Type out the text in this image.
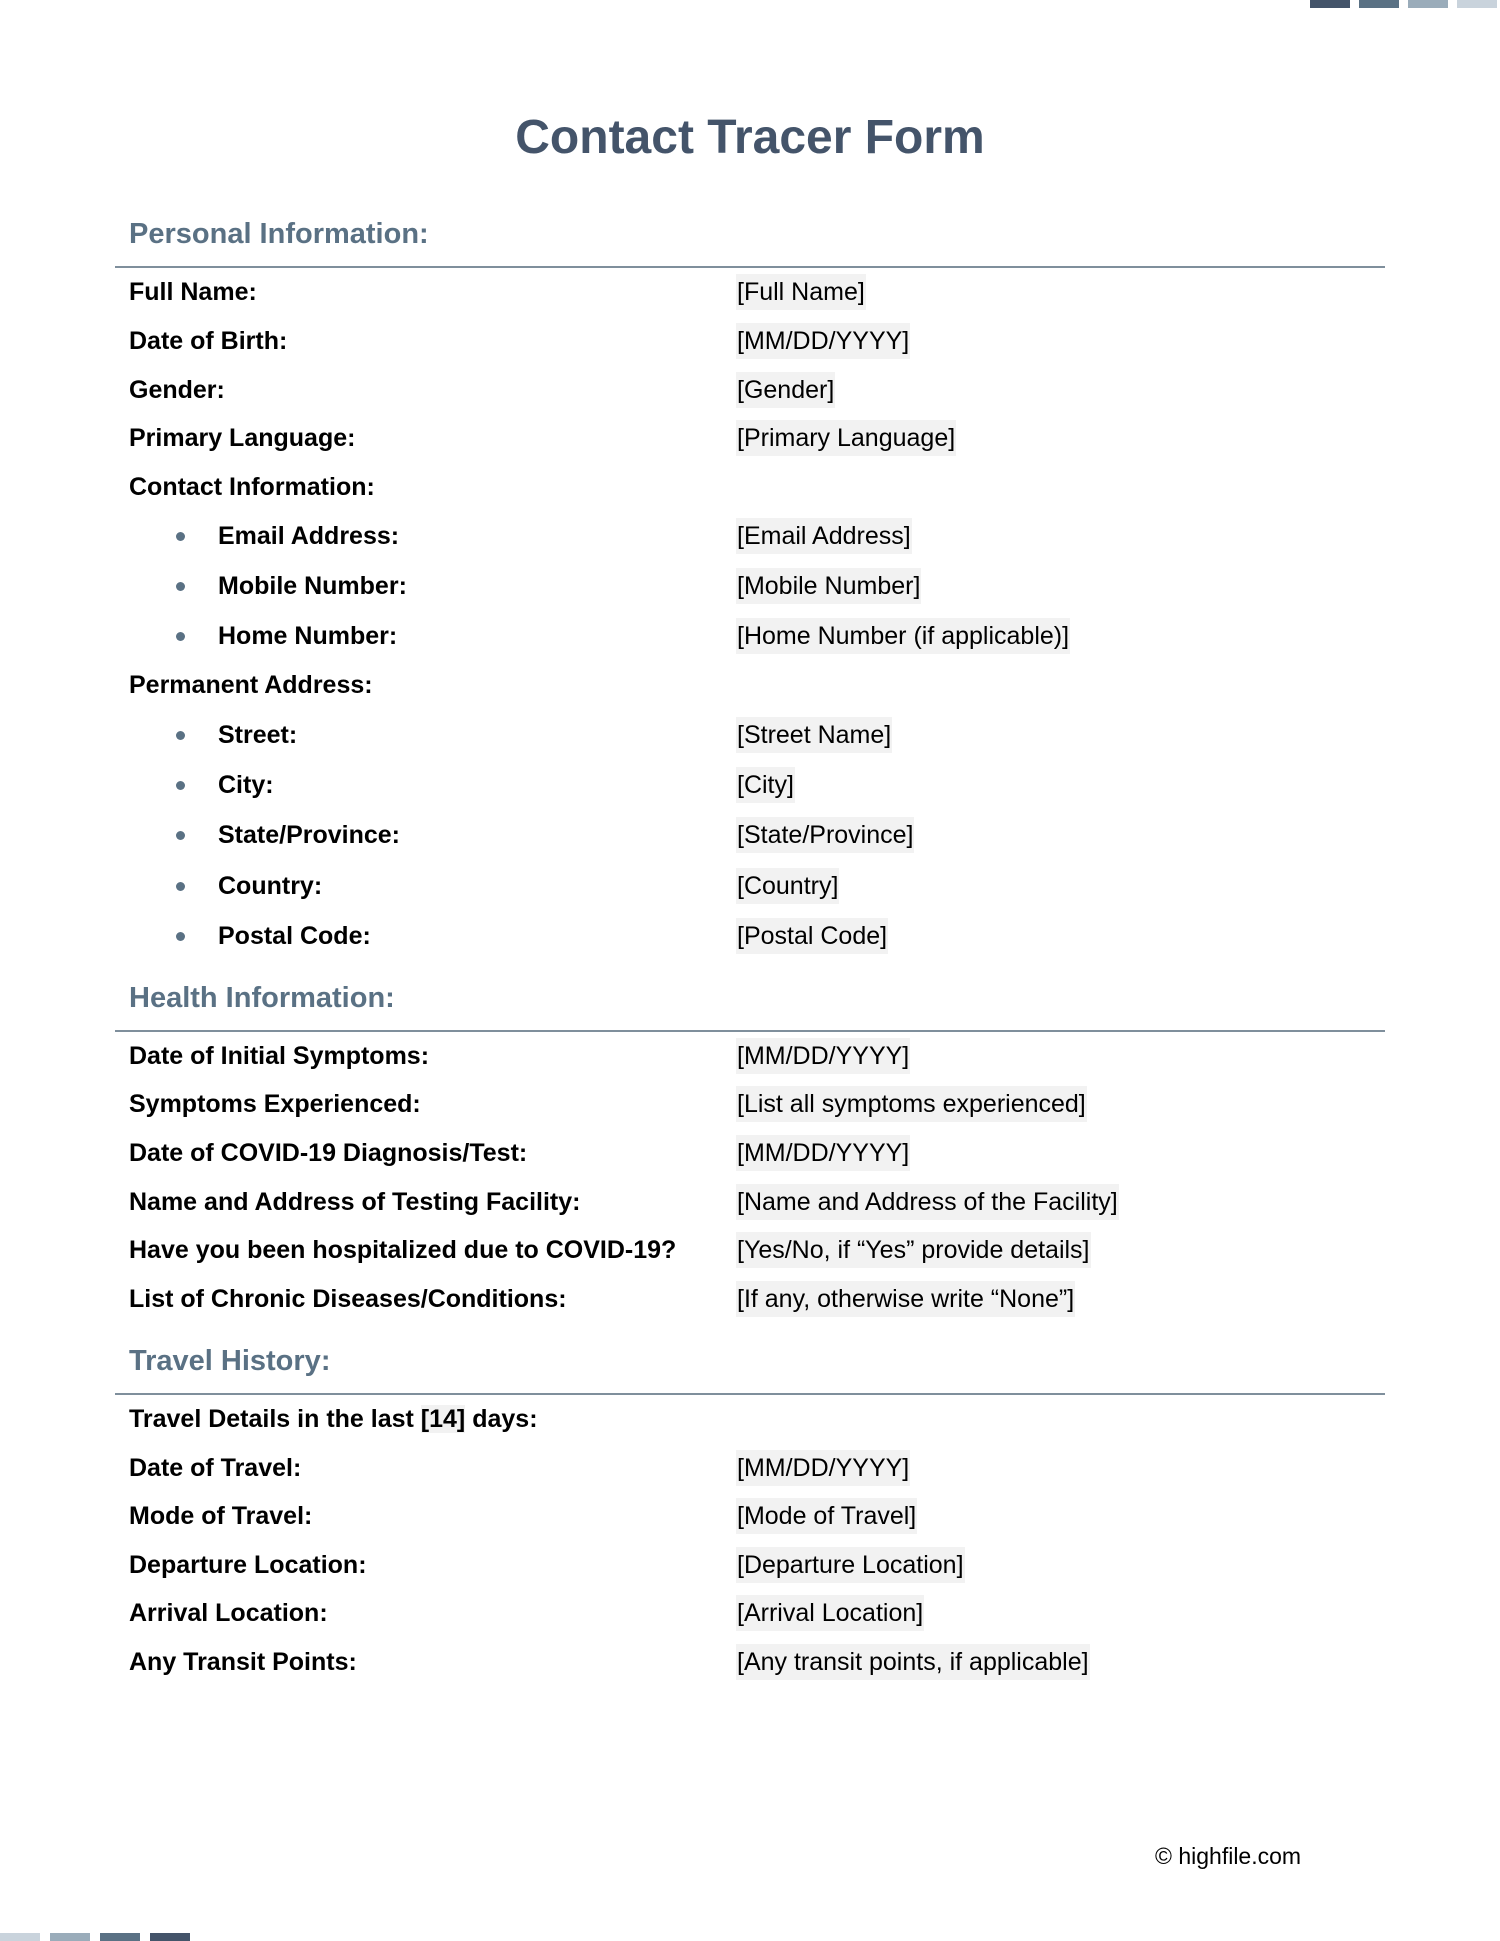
Contact Tracer Form
Personal Information:
Full Name:	[Full Name]
Date of Birth:	[MM/DD/YYYY]
Gender:	[Gender]
Primary Language:	[Primary Language]
Contact Information:
Email Address:	[Email Address]
Mobile Number:	[Mobile Number]
Home Number:	[Home Number (if applicable)]
Permanent Address:
Street:	[Street Name]
City:	[City]
State/Province:	[State/Province]
Country:	[Country]
Postal Code:	[Postal Code]
Health Information:
Date of Initial Symptoms:	[MM/DD/YYYY]
Symptoms Experienced:	[List all symptoms experienced]
Date of COVID-19 Diagnosis/Test:	[MM/DD/YYYY]
Name and Address of Testing Facility:	[Name and Address of the Facility]
Have you been hospitalized due to COVID-19? [Yes/No, if “Yes” provide details]
List of Chronic Diseases/Conditions:	[If any, otherwise write “None”]
Travel History:
Travel Details in the last [14] days:
Date of Travel:	[MM/DD/YYYY]
Mode of Travel:	[Mode of Travel]
Departure Location:	[Departure Location]
Arrival Location:	[Arrival Location]
Any Transit Points:	[Any transit points, if applicable]
© highfile.com
